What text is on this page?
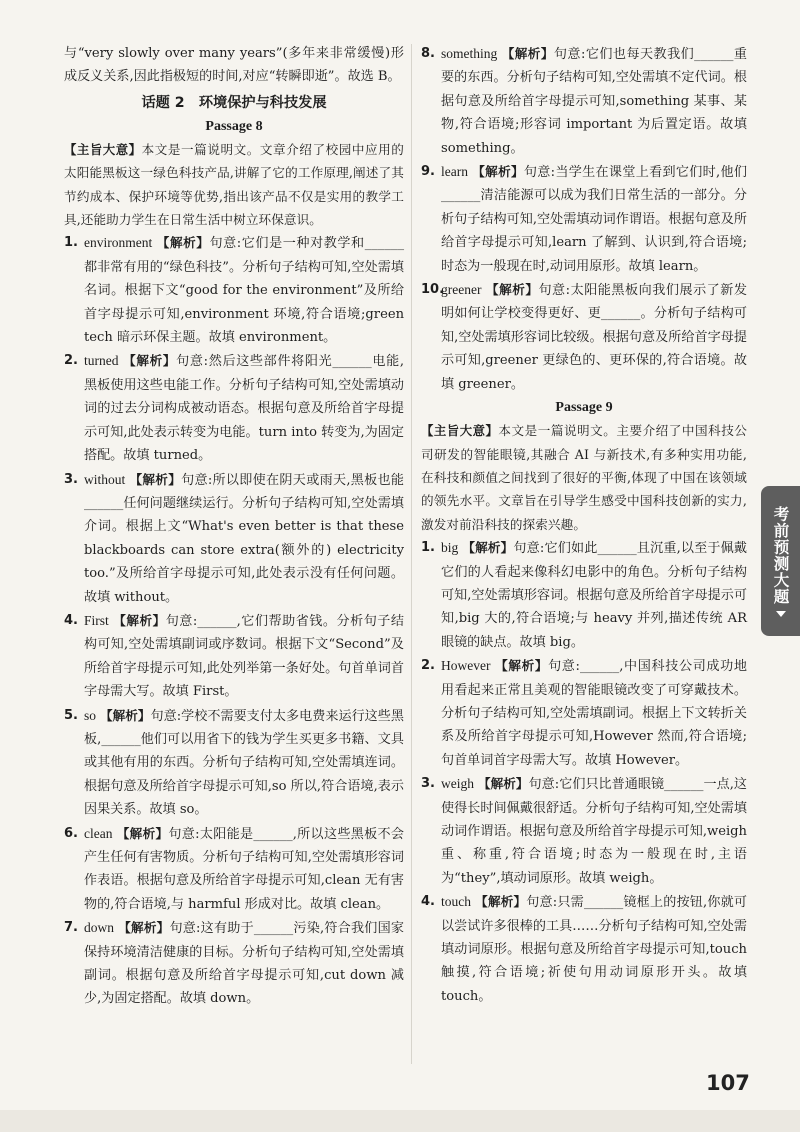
与“very slowly over many years”(多年来非常缓慢)形成反义关系,因此指极短的时间,对应“转瞬即逝”。故选 B。

话题 2　环境保护与科技发展
Passage 8

【主旨大意】本文是一篇说明文。文章介绍了校园中应用的太阳能黑板这一绿色科技产品,讲解了它的工作原理,阐述了其节约成本、保护环境等优势,指出该产品不仅是实用的教学工具,还能助力学生在日常生活中树立环保意识。

1. environment 【解析】句意:它们是一种对教学和______都非常有用的“绿色科技”。分析句子结构可知,空处需填名词。根据下文“good for the environment”及所给首字母提示可知,environment 环境,符合语境;green tech 暗示环保主题。故填 environment。
2. turned 【解析】句意:然后这些部件将阳光______电能,黑板使用这些电能工作。分析句子结构可知,空处需填动词的过去分词构成被动语态。根据句意及所给首字母提示可知,此处表示转变为电能。turn into 转变为,为固定搭配。故填 turned。
3. without 【解析】句意:所以即使在阴天或雨天,黑板也能______任何问题继续运行。分析句子结构可知,空处需填介词。根据上文“What's even better is that these blackboards can store extra(额外的) electricity too.”及所给首字母提示可知,此处表示没有任何问题。故填 without。
4. First 【解析】句意:______,它们帮助省钱。分析句子结构可知,空处需填副词或序数词。根据下文“Second”及所给首字母提示可知,此处列举第一条好处。句首单词首字母需大写。故填 First。
5. so 【解析】句意:学校不需要支付太多电费来运行这些黑板,______他们可以用省下的钱为学生买更多书籍、文具或其他有用的东西。分析句子结构可知,空处需填连词。根据句意及所给首字母提示可知,so 所以,符合语境,表示因果关系。故填 so。
6. clean 【解析】句意:太阳能是______,所以这些黑板不会产生任何有害物质。分析句子结构可知,空处需填形容词作表语。根据句意及所给首字母提示可知,clean 无有害物的,符合语境,与 harmful 形成对比。故填 clean。
7. down 【解析】句意:这有助于______污染,符合我们国家保持环境清洁健康的目标。分析句子结构可知,空处需填副词。根据句意及所给首字母提示可知,cut down 减少,为固定搭配。故填 down。
8. something 【解析】句意:它们也每天教我们______重要的东西。分析句子结构可知,空处需填不定代词。根据句意及所给首字母提示可知,something 某事、某物,符合语境;形容词 important 为后置定语。故填 something。
9. learn 【解析】句意:当学生在课堂上看到它们时,他们______清洁能源可以成为我们日常生活的一部分。分析句子结构可知,空处需填动词作谓语。根据句意及所给首字母提示可知,learn 了解到、认识到,符合语境;时态为一般现在时,动词用原形。故填 learn。
10.
greener 【解析】句意:太阳能黑板向我们展示了新发明如何让学校变得更好、更______。分析句子结构可知,空处需填形容词比较级。根据句意及所给首字母提示可知,greener 更绿色的、更环保的,符合语境。故填 greener。
Passage 9

【主旨大意】本文是一篇说明文。主要介绍了中国科技公司研发的智能眼镜,其融合 AI 与新技术,有多种实用功能,在科技和颜值之间找到了很好的平衡,体现了中国在该领域的领先水平。文章旨在引导学生感受中国科技创新的实力,激发对前沿科技的探索兴趣。

1. big 【解析】句意:它们如此______且沉重,以至于佩戴它们的人看起来像科幻电影中的角色。分析句子结构可知,空处需填形容词。根据句意及所给首字母提示可知,big 大的,符合语境;与 heavy 并列,描述传统 AR 眼镜的缺点。故填 big。
2. However 【解析】句意:______,中国科技公司成功地用看起来正常且美观的智能眼镜改变了可穿戴技术。分析句子结构可知,空处需填副词。根据上下文转折关系及所给首字母提示可知,However 然而,符合语境;句首单词首字母需大写。故填 However。
3. weigh 【解析】句意:它们只比普通眼镜______一点,这使得长时间佩戴很舒适。分析句子结构可知,空处需填动词作谓语。根据句意及所给首字母提示可知,weigh 重、称重,符合语境;时态为一般现在时,主语为“they”,填动词原形。故填 weigh。
4. touch 【解析】句意:只需______镜框上的按钮,你就可以尝试许多很棒的工具……分析句子结构可知,空处需填动词原形。根据句意及所给首字母提示可知,touch 触摸,符合语境;祈使句用动词原形开头。故填 touch。
考前预测大题
107
